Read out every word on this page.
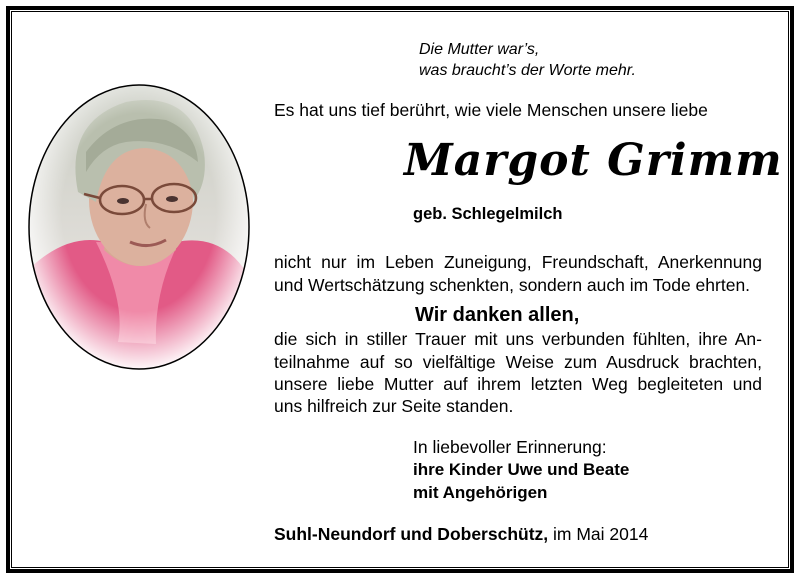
Die Mutter war’s,
was braucht’s der Worte mehr.
Es hat uns tief berührt, wie viele Menschen unsere liebe
Margot Grimm
geb. Schlegelmilch
nicht nur im Leben Zuneigung, Freundschaft, Anerkennung
und Wertschätzung schenkten, sondern auch im Tode ehrten.
Wir danken allen,
die sich in stiller Trauer mit uns verbunden fühlten, ihre An-
teilnahme auf so vielfältige Weise zum Ausdruck brachten,
unsere liebe Mutter auf ihrem letzten Weg begleiteten und
uns hilfreich zur Seite standen.
In liebevoller Erinnerung:
ihre Kinder Uwe und Beate
mit Angehörigen
Suhl-Neundorf und Doberschütz, im Mai 2014
